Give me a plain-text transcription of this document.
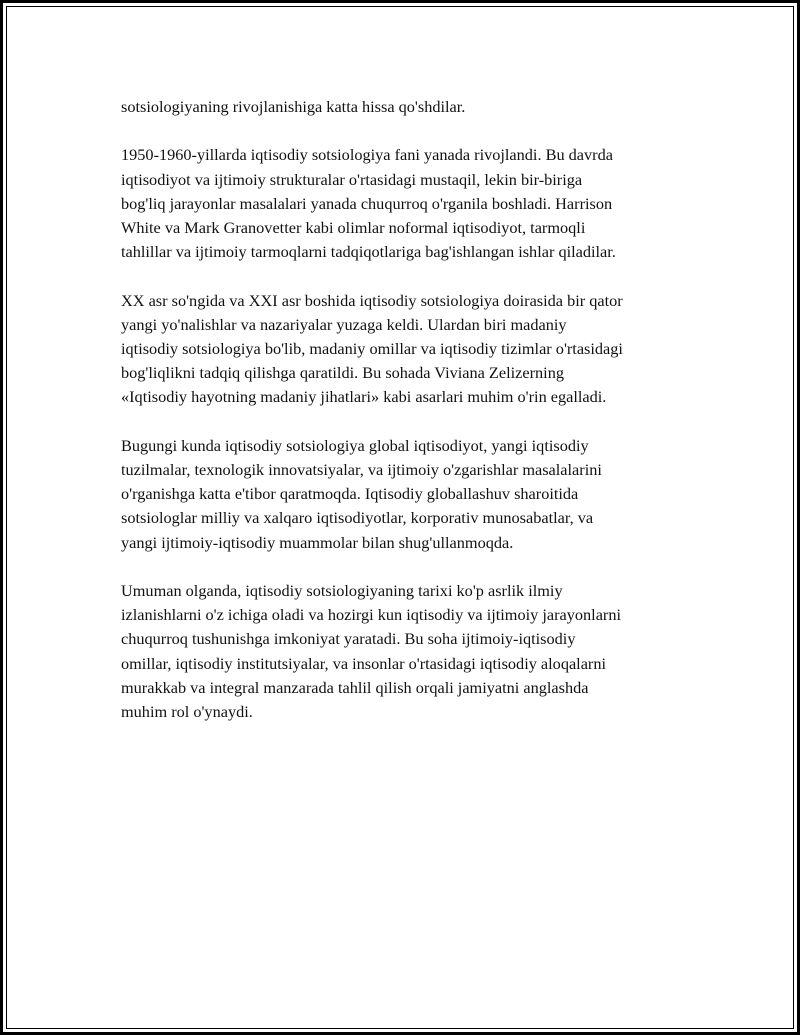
sotsiologiyaning rivojlanishiga katta hissa qo'shdilar.

1950-1960-yillarda iqtisodiy sotsiologiya fani yanada rivojlandi. Bu davrda
iqtisodiyot va ijtimoiy strukturalar o'rtasidagi mustaqil, lekin bir-biriga
bog'liq jarayonlar masalalari yanada chuqurroq o'rganila boshladi. Harrison
White va Mark Granovetter kabi olimlar noformal iqtisodiyot, tarmoqli
tahlillar va ijtimoiy tarmoqlarni tadqiqotlariga bag'ishlangan ishlar qiladilar.

XX asr so'ngida va XXI asr boshida iqtisodiy sotsiologiya doirasida bir qator
yangi yo'nalishlar va nazariyalar yuzaga keldi. Ulardan biri madaniy
iqtisodiy sotsiologiya bo'lib, madaniy omillar va iqtisodiy tizimlar o'rtasidagi
bog'liqlikni tadqiq qilishga qaratildi. Bu sohada Viviana Zelizerning
«Iqtisodiy hayotning madaniy jihatlari» kabi asarlari muhim o'rin egalladi.

Bugungi kunda iqtisodiy sotsiologiya global iqtisodiyot, yangi iqtisodiy
tuzilmalar, texnologik innovatsiyalar, va ijtimoiy o'zgarishlar masalalarini
o'rganishga katta e'tibor qaratmoqda. Iqtisodiy globallashuv sharoitida
sotsiologlar milliy va xalqaro iqtisodiyotlar, korporativ munosabatlar, va
yangi ijtimoiy-iqtisodiy muammolar bilan shug'ullanmoqda.

Umuman olganda, iqtisodiy sotsiologiyaning tarixi ko'p asrlik ilmiy
izlanishlarni o'z ichiga oladi va hozirgi kun iqtisodiy va ijtimoiy jarayonlarni
chuqurroq tushunishga imkoniyat yaratadi. Bu soha ijtimoiy-iqtisodiy
omillar, iqtisodiy institutsiyalar, va insonlar o'rtasidagi iqtisodiy aloqalarni
murakkab va integral manzarada tahlil qilish orqali jamiyatni anglashda
muhim rol o'ynaydi.
